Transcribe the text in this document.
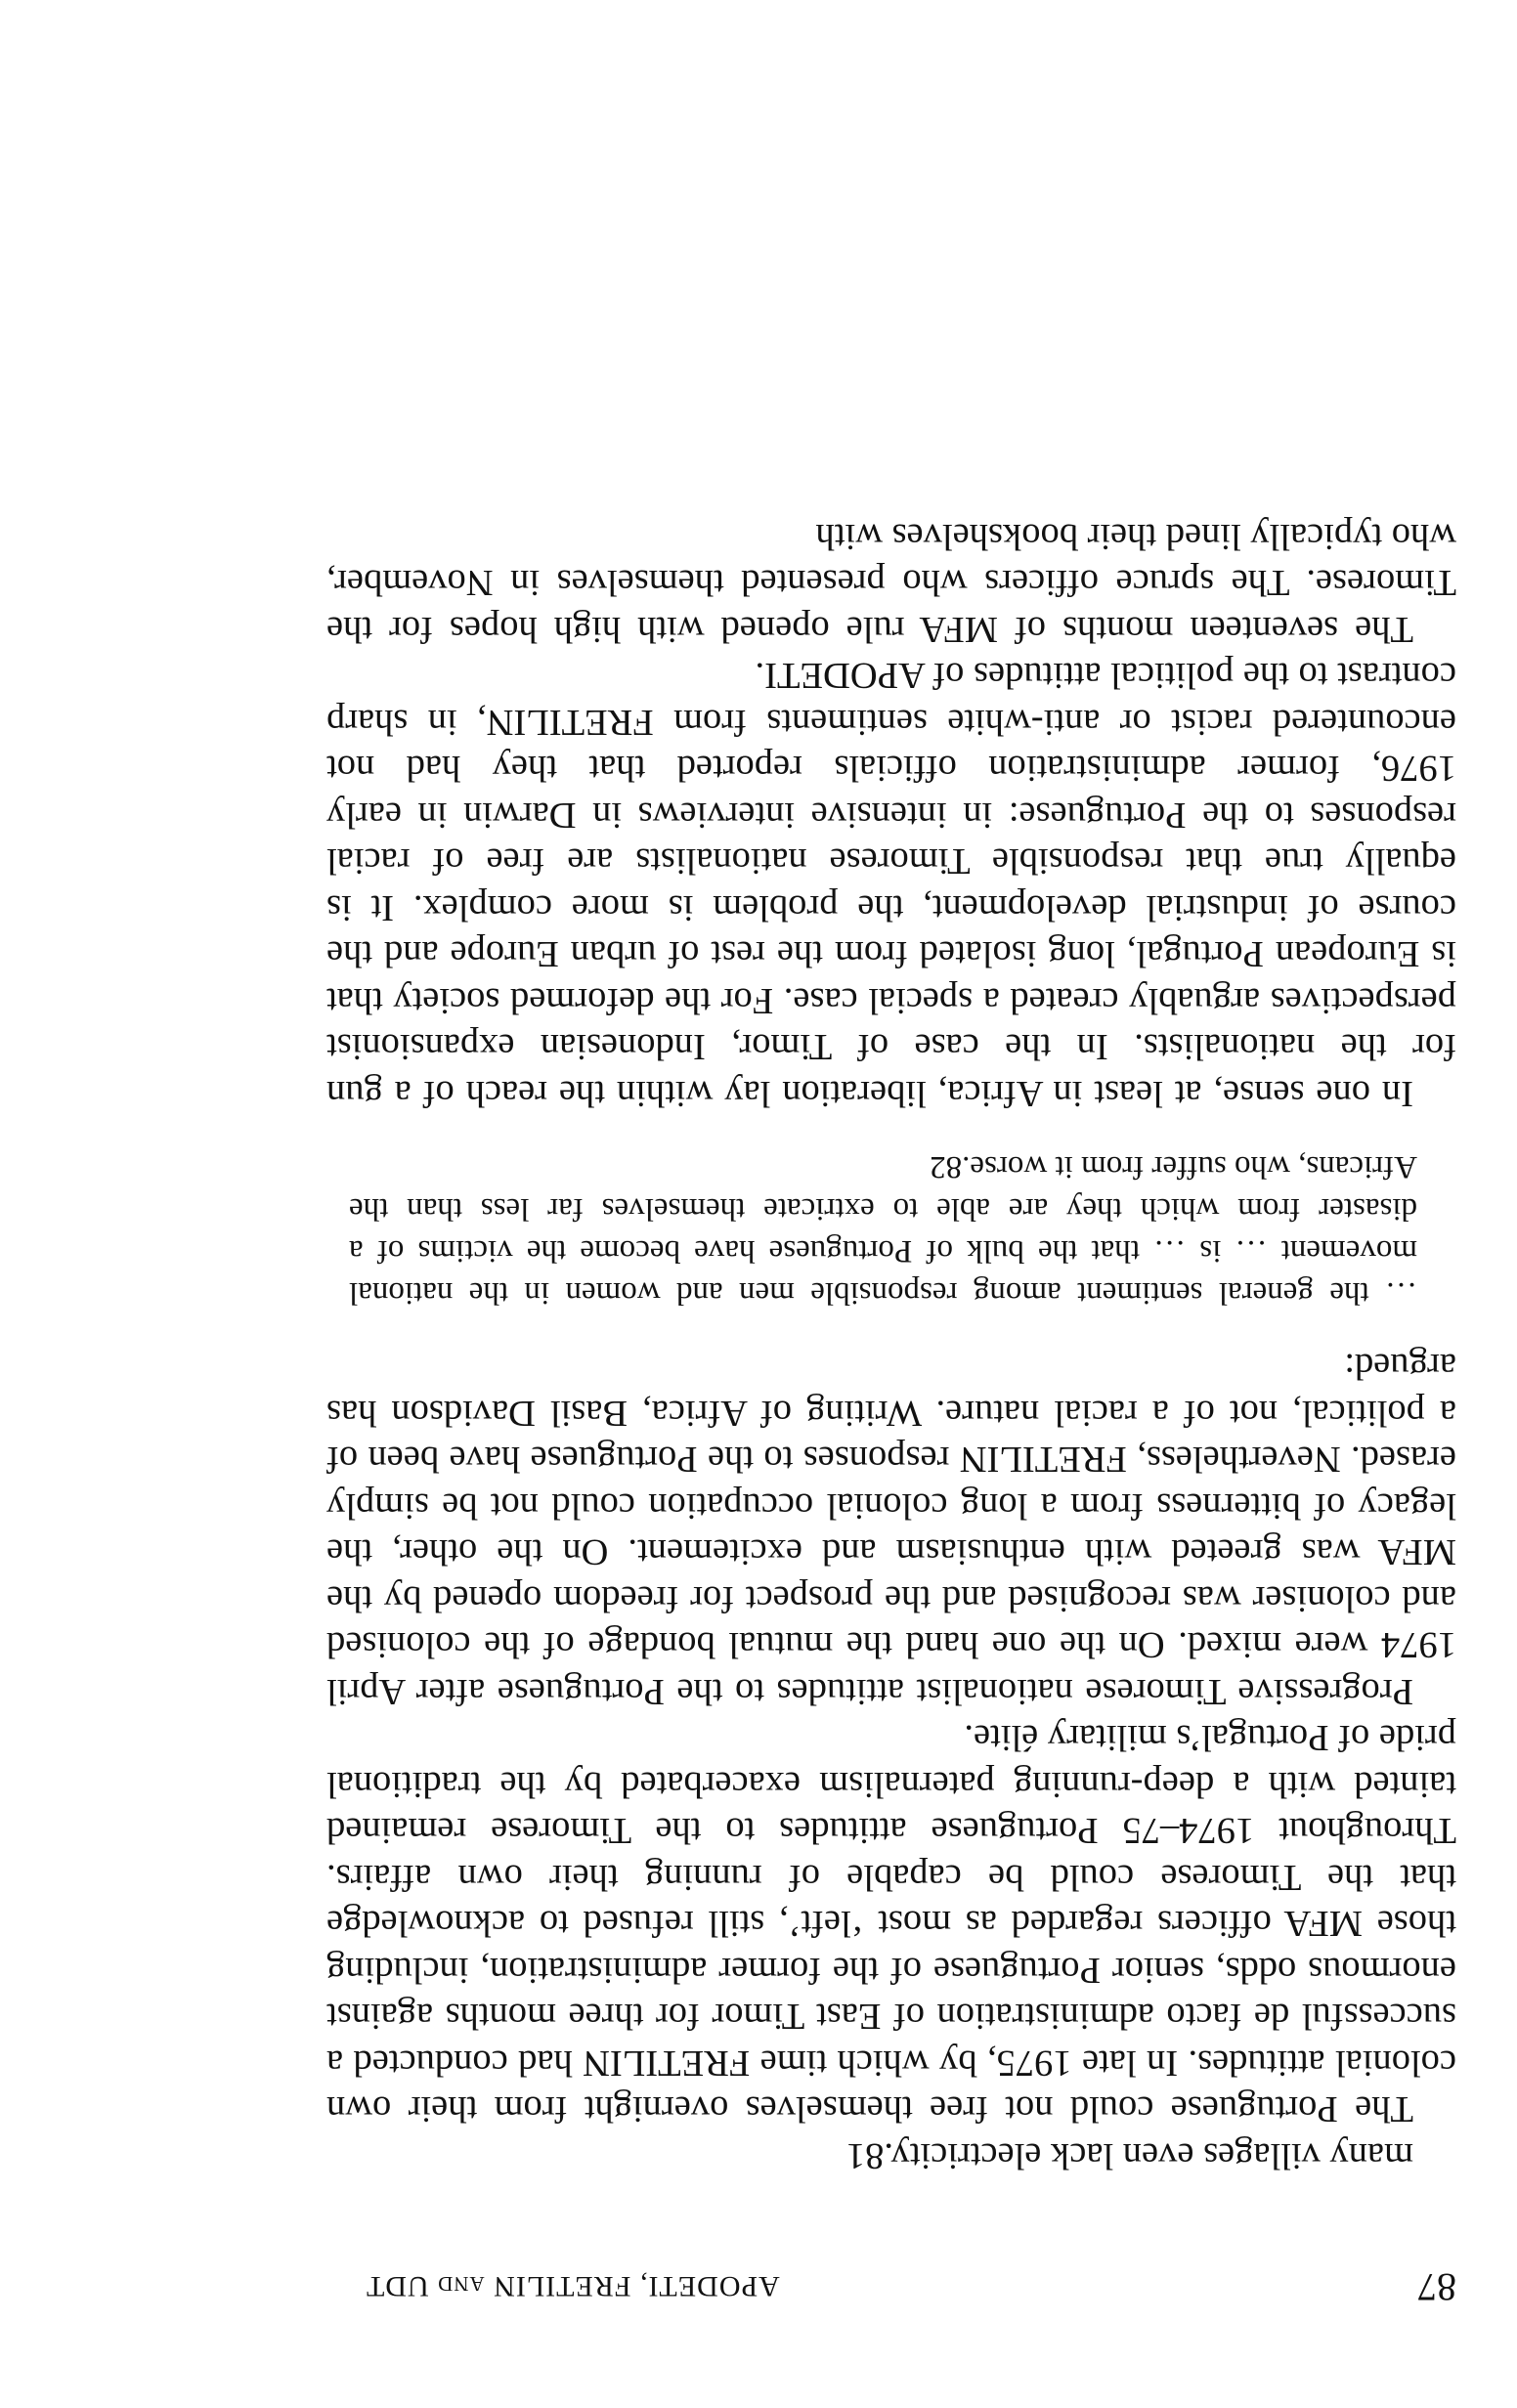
87
APODETI, FRETILIN and UDT

many villages even lack electricity.81

The Portuguese could not free themselves overnight from their own colonial attitudes. In late 1975, by which time FRETILIN had conducted a successful de facto administration of East Timor for three months against enormous odds, senior Portuguese of the former administration, including those MFA officers regarded as most ‘left’, still refused to acknowledge that the Timorese could be capable of running their own affairs. Throughout 1974–75 Portuguese attitudes to the Timorese remained tainted with a deep-running paternalism exacerbated by the traditional pride of Portugal’s military élite.

Progressive Timorese nationalist attitudes to the Portuguese after April 1974 were mixed. On the one hand the mutual bondage of the colonised and coloniser was recognised and the prospect for freedom opened by the MFA was greeted with enthusiasm and excitement. On the other, the legacy of bitterness from a long colonial occupation could not be simply erased. Nevertheless, FRETILIN responses to the Portuguese have been of a political, not of a racial nature. Writing of Africa, Basil Davidson has argued:

… the general sentiment among responsible men and women in the national movement … is … that the bulk of Portuguese have become the victims of a disaster from which they are able to extricate themselves far less than the Africans, who suffer from it worse.82

In one sense, at least in Africa, liberation lay within the reach of a gun for the nationalists. In the case of Timor, Indonesian expansionist perspectives arguably created a special case. For the deformed society that is European Portugal, long isolated from the rest of urban Europe and the course of industrial development, the problem is more complex. It is equally true that responsible Timorese nationalists are free of racial responses to the Portuguese: in intensive interviews in Darwin in early 1976, former administration officials reported that they had not encountered racist or anti-white sentiments from FRETILIN, in sharp contrast to the political attitudes of APODETI.

The seventeen months of MFA rule opened with high hopes for the Timorese. The spruce officers who presented themselves in November, who typically lined their bookshelves with
